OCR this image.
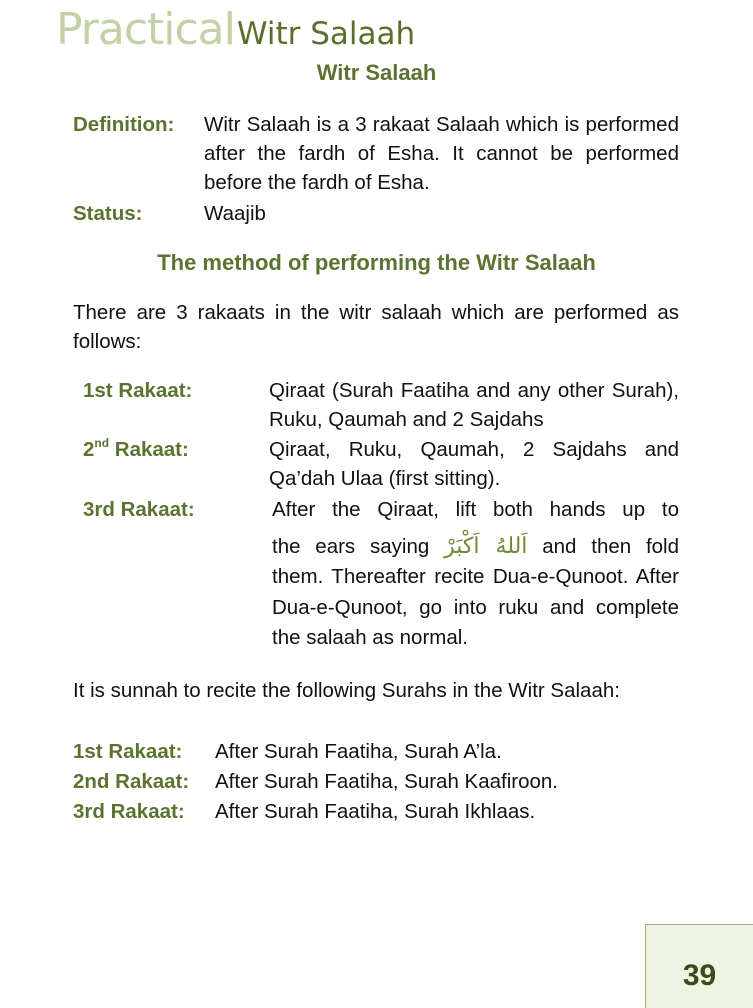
PracticalWitr Salaah
Witr Salaah
Definition: Witr Salaah is a 3 rakaat Salaah which is performed after the fardh of Esha. It cannot be performed before the fardh of Esha.
Status:	Waajib
The method of performing the Witr Salaah
There are 3 rakaats in the witr salaah which are performed as follows:
1st Rakaat:	Qiraat (Surah Faatiha and any other Surah), Ruku, Qaumah and 2 Sajdahs
2nd Rakaat:	Qiraat, Ruku, Qaumah, 2 Sajdahs and Qa’dah Ulaa (first sitting).
3rd Rakaat:	After the Qiraat, lift both hands up to
the ears saying اَللهُ اَكْبَرْ and then fold
them. Thereafter recite Dua-e-Qunoot. After Dua-e-Qunoot, go into ruku and complete the salaah as normal.
It is sunnah to recite the following Surahs in the Witr Salaah:
1st Rakaat: After Surah Faatiha, Surah A’la.
2nd Rakaat: After Surah Faatiha, Surah Kaafiroon.
3rd Rakaat: After Surah Faatiha, Surah Ikhlaas.
39
